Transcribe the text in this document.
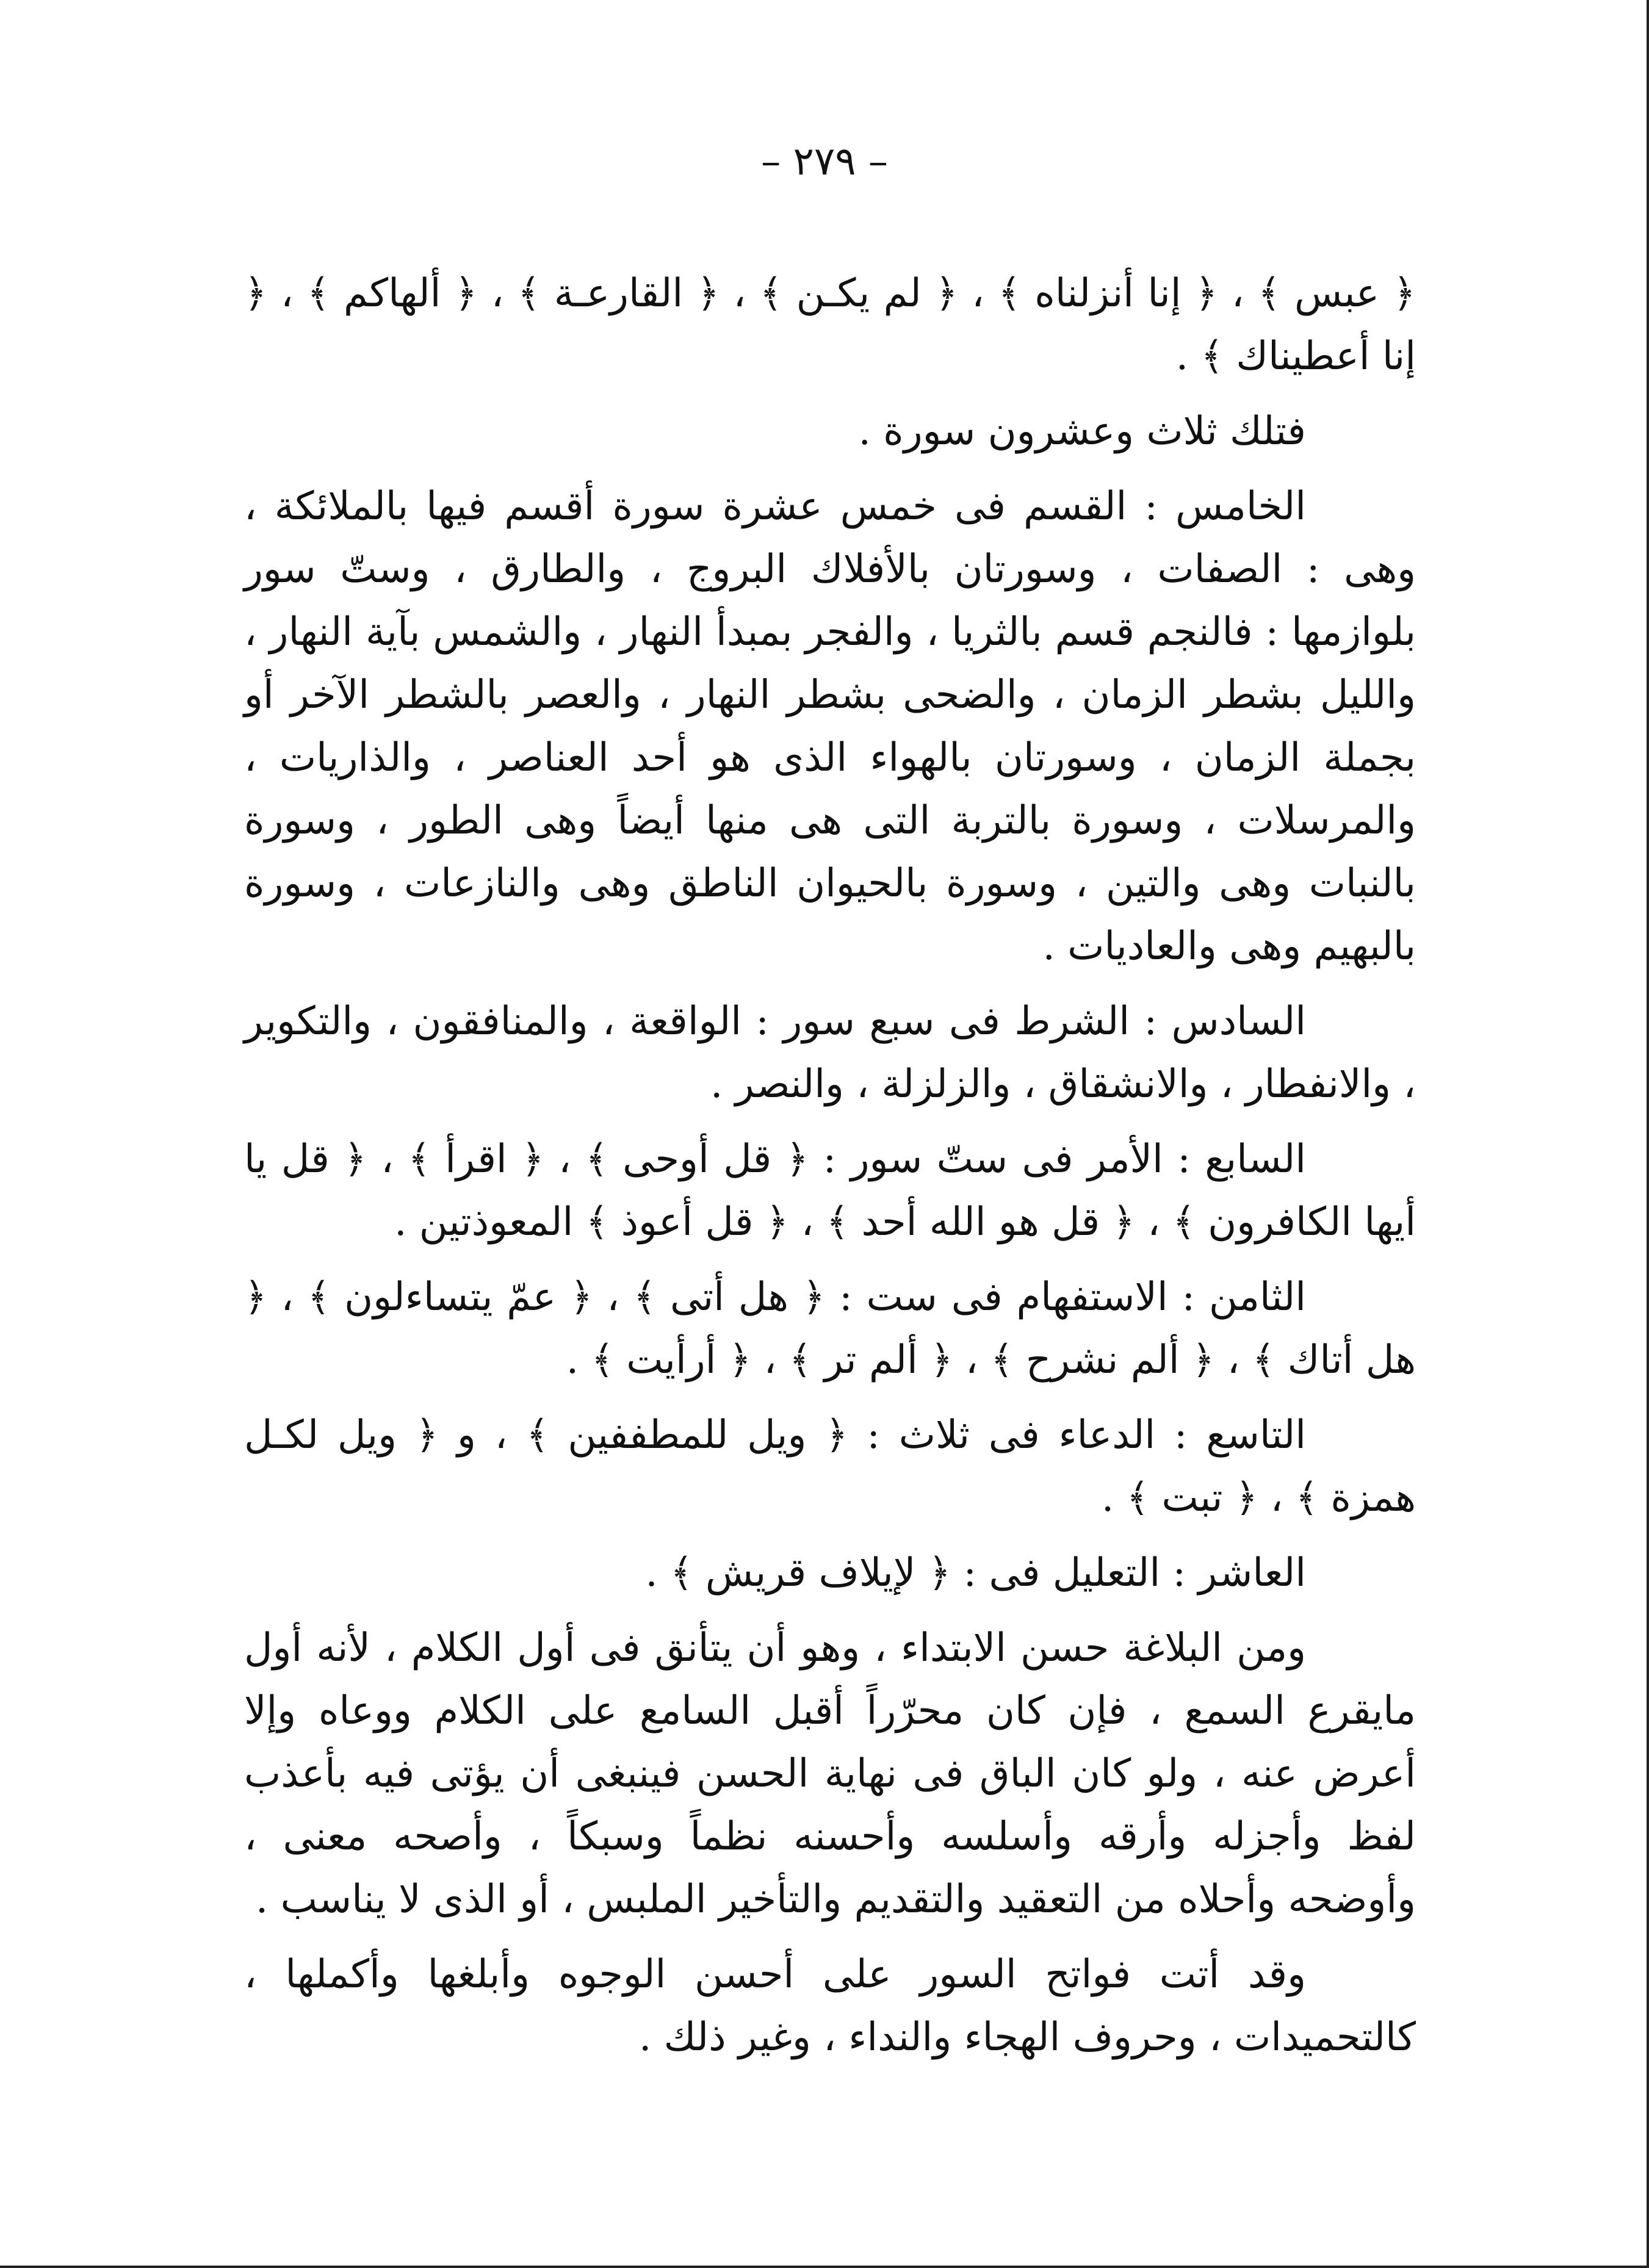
– ٢٧٩ –

﴿ عبس ﴾ ، ﴿ إنا أنزلناه ﴾ ، ﴿ لم يكـن ﴾ ، ﴿ القارعـة ﴾ ، ﴿ ألهاكم ﴾ ، ﴿ إنا أعطيناك ﴾ .

فتلك ثلاث وعشرون سورة .

الخامس : القسم فى خمس عشرة سورة أقسم فيها بالملائكة ، وهى : الصفات ، وسورتان بالأفلاك البروج ، والطارق ، وستّ سور بلوازمها : فالنجم قسم بالثريا ، والفجر بمبدأ النهار ، والشمس بآية النهار ، والليل بشطر الزمان ، والضحى بشطر النهار ، والعصر بالشطر الآخر أو بجملة الزمان ، وسورتان بالهواء الذى هو أحد العناصر ، والذاريات ، والمرسلات ، وسورة بالتربة التى هى منها أيضاً وهى الطور ، وسورة بالنبات وهى والتين ، وسورة بالحيوان الناطق وهى والنازعات ، وسورة بالبهيم وهى والعاديات .

السادس : الشرط فى سبع سور : الواقعة ، والمنافقون ، والتكوير ، والانفطار ، والانشقاق ، والزلزلة ، والنصر .

السابع : الأمر فى ستّ سور : ﴿ قل أوحى ﴾ ، ﴿ اقرأ ﴾ ، ﴿ قل يا أيها الكافرون ﴾ ، ﴿ قل هو الله أحد ﴾ ، ﴿ قل أعوذ ﴾ المعوذتين .

الثامن : الاستفهام فى ست : ﴿ هل أتى ﴾ ، ﴿ عمّ يتساءلون ﴾ ، ﴿ هل أتاك ﴾ ، ﴿ ألم نشرح ﴾ ، ﴿ ألم تر ﴾ ، ﴿ أرأيت ﴾ .

التاسع : الدعاء فى ثلاث : ﴿ ويل للمطففين ﴾ ، و ﴿ ويل لكـل همزة ﴾ ، ﴿ تبت ﴾ .

العاشر : التعليل فى : ﴿ لإيلاف قريش ﴾ .

ومن البلاغة حسن الابتداء ، وهو أن يتأنق فى أول الكلام ، لأنه أول مايقرع السمع ، فإن كان محرّراً أقبل السامع على الكلام ووعاه وإلا أعرض عنه ، ولو كان الباق فى نهاية الحسن فينبغى أن يؤتى فيه بأعذب لفظ وأجزله وأرقه وأسلسه وأحسنه نظماً وسبكاً ، وأصحه معنى ، وأوضحه وأحلاه من التعقيد والتقديم والتأخير الملبس ، أو الذى لا يناسب .

وقد أتت فواتح السور على أحسن الوجوه وأبلغها وأكملها ، كالتحميدات ، وحروف الهجاء والنداء ، وغير ذلك .
